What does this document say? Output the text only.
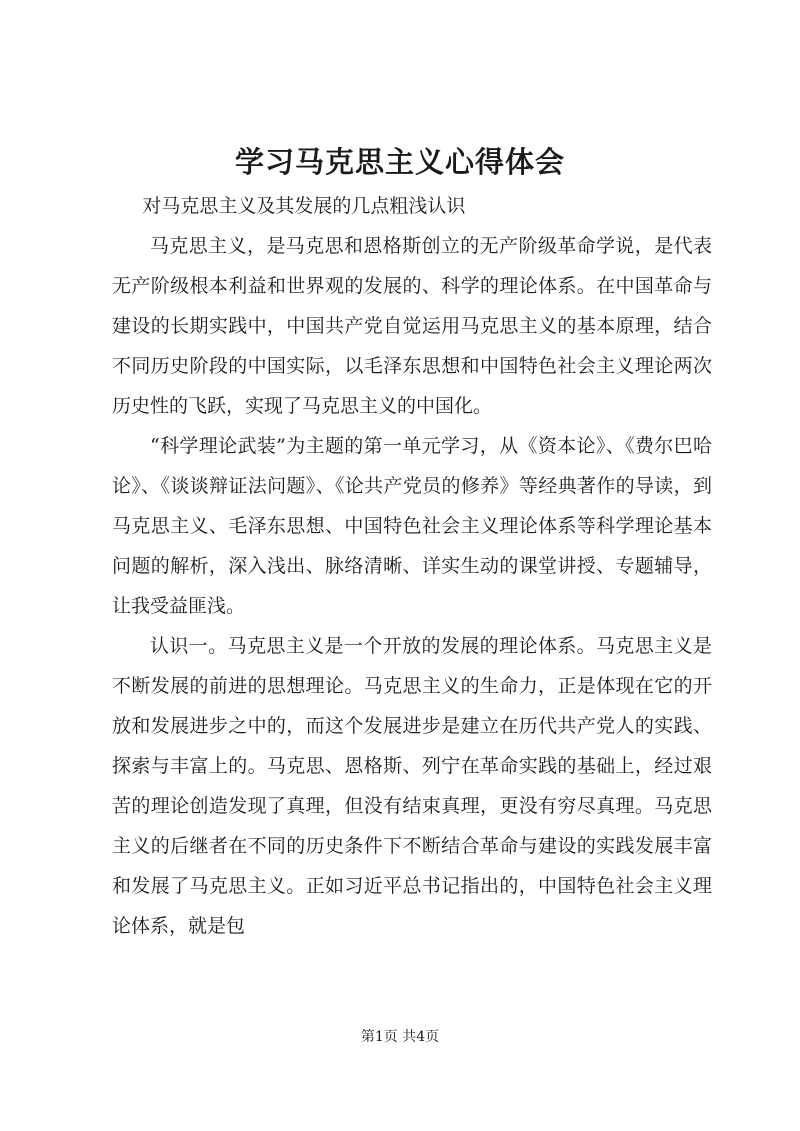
学习马克思主义心得体会

对马克思主义及其发展的几点粗浅认识

马克思主义，是马克思和恩格斯创立的无产阶级革命学说，是代表无产阶级根本利益和世界观的发展的、科学的理论体系。在中国革命与建设的长期实践中，中国共产党自觉运用马克思主义的基本原理，结合不同历史阶段的中国实际，以毛泽东思想和中国特色社会主义理论两次历史性的飞跃，实现了马克思主义的中国化。

“科学理论武装”为主题的第一单元学习，从《资本论》、《费尔巴哈论》、《谈谈辩证法问题》、《论共产党员的修养》等经典著作的导读，到马克思主义、毛泽东思想、中国特色社会主义理论体系等科学理论基本问题的解析，深入浅出、脉络清晰、详实生动的课堂讲授、专题辅导，让我受益匪浅。

认识一。马克思主义是一个开放的发展的理论体系。马克思主义是不断发展的前进的思想理论。马克思主义的生命力，正是体现在它的开放和发展进步之中的，而这个发展进步是建立在历代共产党人的实践、探索与丰富上的。马克思、恩格斯、列宁在革命实践的基础上，经过艰苦的理论创造发现了真理，但没有结束真理，更没有穷尽真理。马克思主义的后继者在不同的历史条件下不断结合革命与建设的实践发展丰富和发展了马克思主义。正如习近平总书记指出的，中国特色社会主义理论体系，就是包

第1页 共4页
